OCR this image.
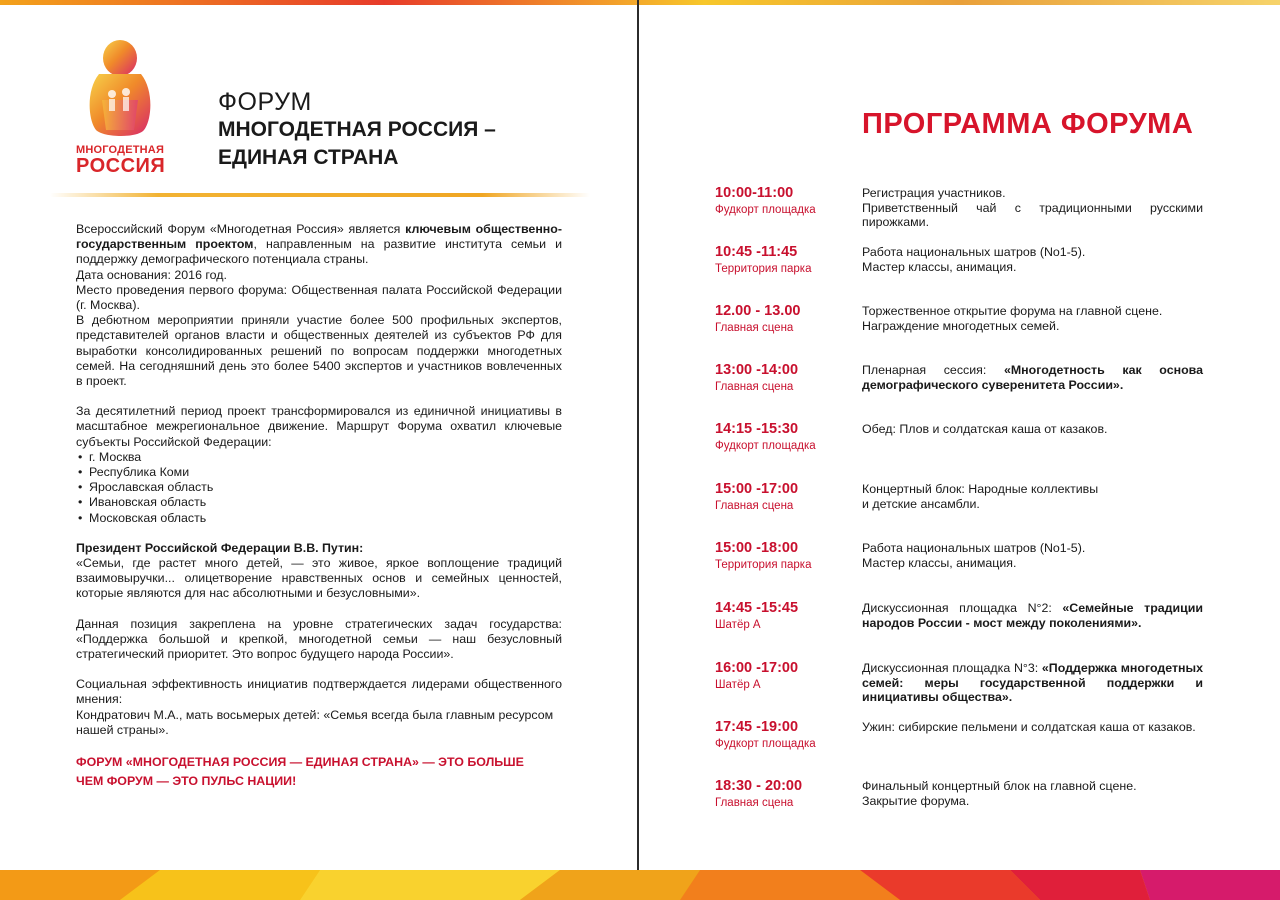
МНОГОДЕТНАЯ
РОССИЯ
ФОРУМ
МНОГОДЕТНАЯ РОССИЯ –
ЕДИНАЯ СТРАНА

Всероссийский Форум «Многодетная Россия» является ключевым общественно-государственным проектом, направленным на развитие института семьи и поддержку демографического потенциала страны.

Дата основания: 2016 год.

Место проведения первого форума: Общественная палата Российской Федерации (г. Москва).

В дебютном мероприятии приняли участие более 500 профильных экспертов, представителей органов власти и общественных деятелей из субъектов РФ для выработки консолидированных решений по вопросам поддержки многодетных семей. На сегодняшний день это более 5400 экспертов и участников вовлеченных в проект.

За десятилетний период проект трансформировался из единичной инициативы в масштабное межрегиональное движение. Маршрут Форума охватил ключевые субъекты Российской Федерации:

• г. Москва
• Республика Коми
• Ярославская область
• Ивановская область
• Московская область

Президент Российской Федерации В.В. Путин:

«Семьи, где растет много детей, — это живое, яркое воплощение традиций взаимовыручки... олицетворение нравственных основ и семейных ценностей, которые являются для нас абсолютными и безусловными».

Данная позиция закреплена на уровне стратегических задач государства: «Поддержка большой и крепкой, многодетной семьи — наш безусловный стратегический приоритет. Это вопрос будущего народа России».

Социальная эффективность инициатив подтверждается лидерами общественного мнения:

Кондратович М.А., мать восьмерых детей: «Семья всегда была главным ресурсом нашей страны».

ФОРУМ «МНОГОДЕТНАЯ РОССИЯ — ЕДИНАЯ СТРАНА» — ЭТО БОЛЬШЕ

ЧЕМ ФОРУМ — ЭТО ПУЛЬС НАЦИИ!

ПРОГРАММА ФОРУМА
10:00-11:00
Фудкорт площадка

Регистрация участников.

Приветственный чай с традиционными русскими пирожками.

10:45 -11:45
Территория парка

Работа национальных шатров (No1-5).

Мастер классы, анимация.

12.00 - 13.00
Главная сцена

Торжественное открытие форума на главной сцене. Награждение многодетных семей.

13:00 -14:00
Главная сцена

Пленарная сессия: «Многодетность как основа демографического суверенитета России».

14:15 -15:30
Фудкорт площадка

Обед: Плов и солдатская каша от казаков.

15:00 -17:00
Главная сцена

Концертный блок: Народные коллективы

и детские ансамбли.

15:00 -18:00
Территория парка

Работа национальных шатров (No1-5).

Мастер классы, анимация.

14:45 -15:45
Шатёр А

Дискуссионная площадка N°2: «Семейные традиции народов России - мост между поколениями».

16:00 -17:00
Шатёр А

Дискуссионная площадка N°3: «Поддержка многодетных семей: меры государственной поддержки и инициативы общества».

17:45 -19:00
Фудкорт площадка

Ужин: сибирские пельмени и солдатская каша от казаков.

18:30 - 20:00
Главная сцена

Финальный концертный блок на главной сцене.

Закрытие форума.
